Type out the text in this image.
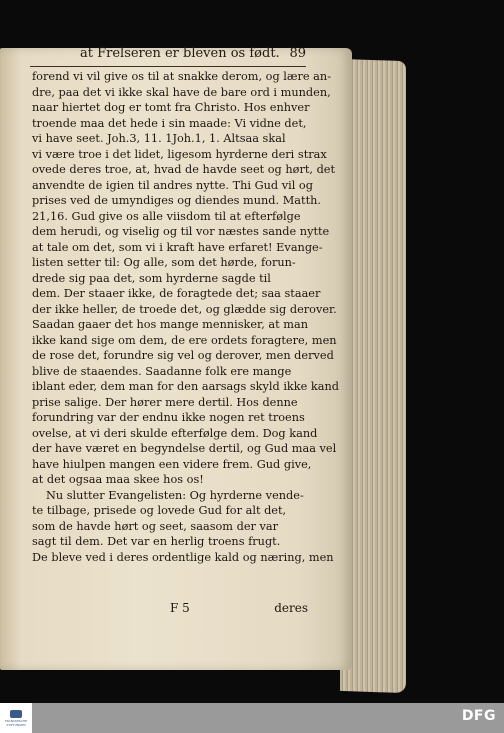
at Frelseren er bleven os født. 89
forend vi vil give os til at snakke derom, og lære an-
dre, paa det vi ikke skal have de bare ord i munden,
naar hiertet dog er tomt fra Christo. Hos enhver
troende maa det hede i sin maade: Vi vidne det,
vi have seet. Joh.3, 11. 1Joh.1, 1. Altsaa skal
vi være troe i det lidet, ligesom hyrderne deri strax
ovede deres troe, at, hvad de havde seet og hørt, det
anvendte de igien til andres nytte. Thi Gud vil og
prises ved de umyndiges og diendes mund. Matth.
21,16. Gud give os alle viisdom til at efterfølge
dem herudi, og viselig og til vor næstes sande nytte
at tale om det, som vi i kraft have erfaret! Evange-
listen setter til: Og alle, som det hørde, forun-
drede sig paa det, som hyrderne sagde til
dem. Der staaer ikke, de foragtede det; saa staaer
der ikke heller, de troede det, og glædde sig derover.
Saadan gaaer det hos mange mennisker, at man
ikke kand sige om dem, de ere ordets foragtere, men
de rose det, forundre sig vel og derover, men derved
blive de staaendes. Saadanne folk ere mange
iblant eder, dem man for den aarsags skyld ikke kand
prise salige. Der hører mere dertil. Hos denne
forundring var der endnu ikke nogen ret troens
ovelse, at vi deri skulde efterfølge dem. Dog kand
der have været en begyndelse dertil, og Gud maa vel
have hiulpen mangen een videre frem. Gud give,
at det ogsaa maa skee hos os!
Nu slutter Evangelisten: Og hyrderne vende-
te tilbage, prisede og lovede Gud for alt det,
som de havde hørt og seet, saasom der var
sagt til dem. Det var en herlig troens frugt.
De bleve ved i deres ordentlige kald og næring, men
F 5	deres
FRANCKESCHE STIFTUNGEN
DFG
